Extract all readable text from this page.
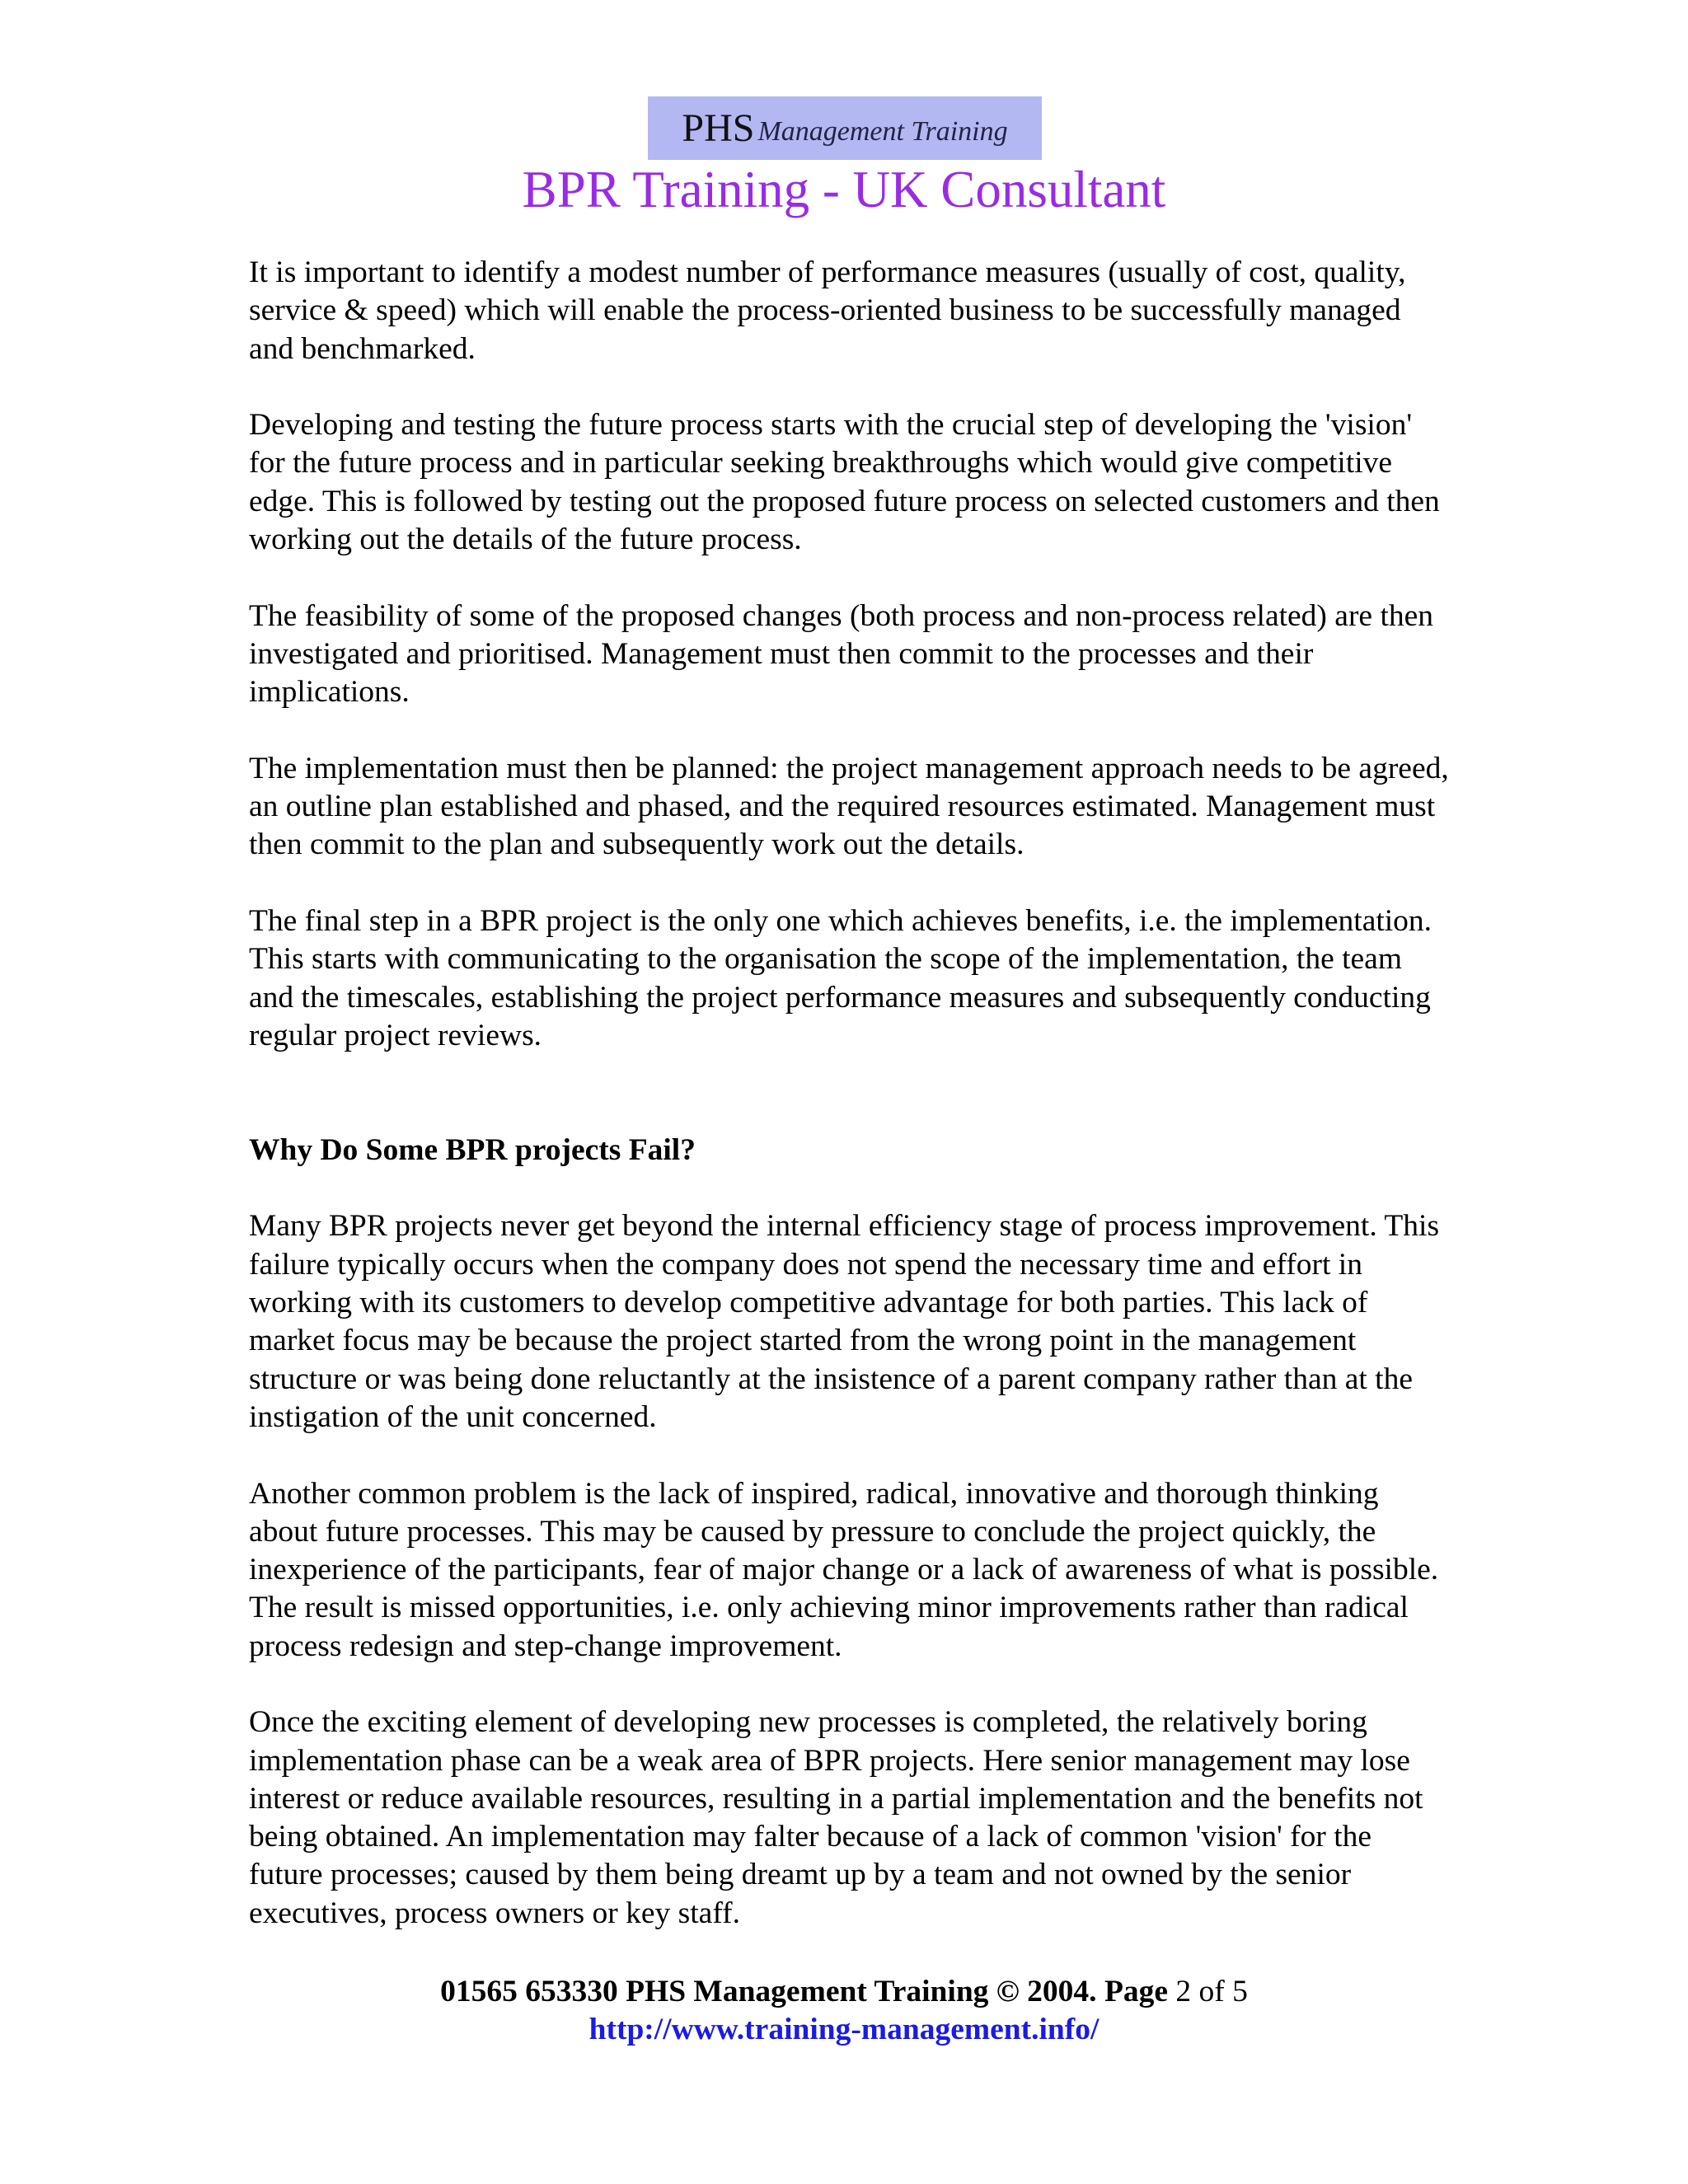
PHS Management Training
BPR Training - UK Consultant

It is important to identify a modest number of performance measures (usually of cost, quality, service & speed) which will enable the process-oriented business to be successfully managed and benchmarked.

Developing and testing the future process starts with the crucial step of developing the 'vision' for the future process and in particular seeking breakthroughs which would give competitive edge. This is followed by testing out the proposed future process on selected customers and then working out the details of the future process.

The feasibility of some of the proposed changes (both process and non-process related) are then investigated and prioritised. Management must then commit to the processes and their implications.

The implementation must then be planned: the project management approach needs to be agreed, an outline plan established and phased, and the required resources estimated. Management must then commit to the plan and subsequently work out the details.

The final step in a BPR project is the only one which achieves benefits, i.e. the implementation. This starts with communicating to the organisation the scope of the implementation, the team and the timescales, establishing the project performance measures and subsequently conducting regular project reviews.

Why Do Some BPR projects Fail?

Many BPR projects never get beyond the internal efficiency stage of process improvement. This failure typically occurs when the company does not spend the necessary time and effort in working with its customers to develop competitive advantage for both parties. This lack of market focus may be because the project started from the wrong point in the management structure or was being done reluctantly at the insistence of a parent company rather than at the instigation of the unit concerned.

Another common problem is the lack of inspired, radical, innovative and thorough thinking about future processes. This may be caused by pressure to conclude the project quickly, the inexperience of the participants, fear of major change or a lack of awareness of what is possible. The result is missed opportunities, i.e. only achieving minor improvements rather than radical process redesign and step-change improvement.

Once the exciting element of developing new processes is completed, the relatively boring implementation phase can be a weak area of BPR projects. Here senior management may lose interest or reduce available resources, resulting in a partial implementation and the benefits not being obtained. An implementation may falter because of a lack of common 'vision' for the future processes; caused by them being dreamt up by a team and not owned by the senior executives, process owners or key staff.

01565 653330 PHS Management Training © 2004. Page 2 of 5
http://www.training-management.info/
